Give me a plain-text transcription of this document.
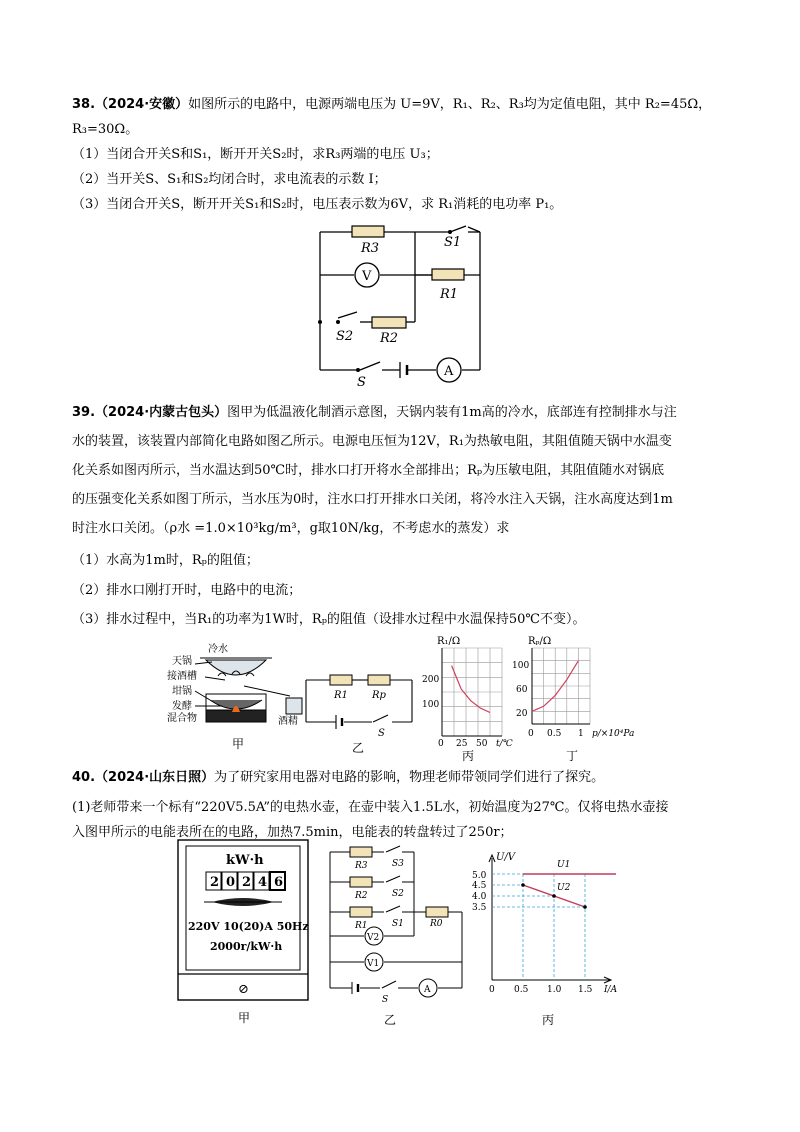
38.（2024·安徽）如图所示的电路中，电源两端电压为 U=9V，R₁、R₂、R₃均为定值电阻，其中 R₂=45Ω，
R₃=30Ω。
（1）当闭合开关S和S₁，断开开关S₂时，求R₃两端的电压 U₃；
（2）当开关S、S₁和S₂均闭合时，求电流表的示数 I；
（3）当闭合开关S，断开开关S₁和S₂时，电压表示数为6V，求 R₁消耗的电功率 P₁。
R3	S1
V
R1
S2 R2
S
A
39.（2024·内蒙古包头）图甲为低温液化制酒示意图，天锅内装有1m高的冷水，底部连有控制排水与注
水的装置，该装置内部简化电路如图乙所示。电源电压恒为12V，R₁为热敏电阻，其阻值随天锅中水温变
化关系如图丙所示，当水温达到50℃时，排水口打开将水全部排出；Rₚ为压敏电阻，其阻值随水对锅底
的压强变化关系如图丁所示，当水压为0时，注水口打开排水口关闭，将冷水注入天锅，注水高度达到1m
时注水口关闭。（ρ水 =1.0×10³kg/m³，g取10N/kg，不考虑水的蒸发）求
（1）水高为1m时，Rₚ的阻值；
（2）排水口刚打开时，电路中的电流；
（3）排水过程中，当R₁的功率为1W时，Rₚ的阻值（设排水过程中水温保持50℃不变）。
冷水
天锅
接酒槽
坩锅
发酵
混合物	酒精
甲
R1 Rp
S
乙
R₁/Ω
200
100
0 25 50 t/℃
丙
Rₚ/Ω
100
60
20
0 0.5 1 p/×10⁴Pa
丁
40.（2024·山东日照）为了研究家用电器对电路的影响，物理老师带领同学们进行了探究。
(1)老师带来一个标有“220V5.5A”的电热水壶，在壶中装入1.5L水，初始温度为27℃。仅将电热水壶接
入图甲所示的电能表所在的电路，加热7.5min，电能表的转盘转过了250r；
kW·h
2 0 2 4 6
220V 10(20)A 50Hz
2000r/kW·h
⊘
甲
R3	S3
R2	S2
R1	S1	R0
V2
V1
A
S
乙
U/V
5.0
4.5
4.0
3.5
0 0.5 1.0 1.5 I/A
U1
U2
丙
